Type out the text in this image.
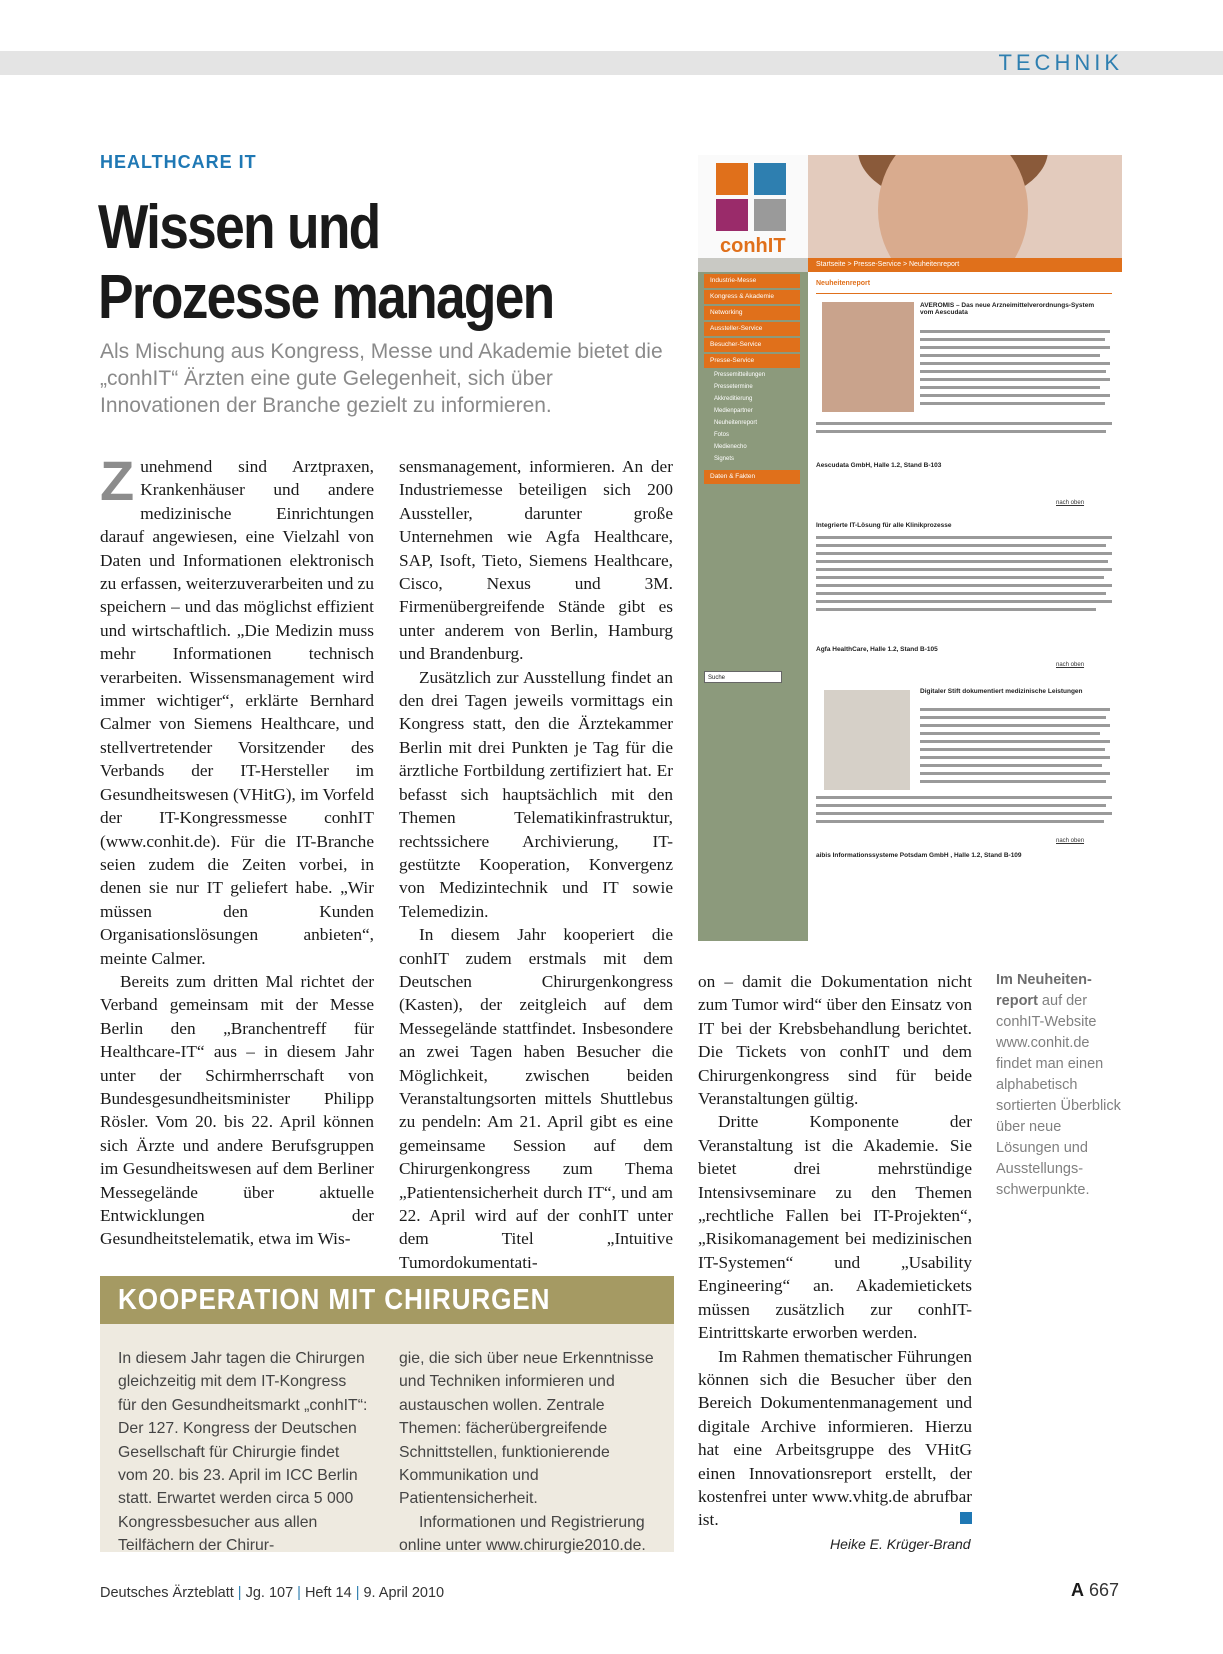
TECHNIK
HEALTHCARE IT
Wissen und Prozesse managen
Als Mischung aus Kongress, Messe und Akademie bietet die „conhIT“ Ärzten eine gute Gelegenheit, sich über Innovationen der Branche gezielt zu informieren.

Zunehmend sind Arztpraxen, Krankenhäuser und andere medizinische Einrichtungen darauf angewiesen, eine Vielzahl von Daten und Informationen elektronisch zu erfassen, weiterzuverarbeiten und zu speichern – und das möglichst effizient und wirtschaftlich. „Die Medizin muss mehr Informationen technisch verarbeiten. Wissensmanagement wird immer wichtiger“, erklärte Bernhard Calmer von Siemens Healthcare, und stellvertretender Vorsitzender des Verbands der IT-Hersteller im Gesundheitswesen (VHitG), im Vorfeld der IT-Kongressmesse conhIT (www.conhit.de). Für die IT-Branche seien zudem die Zeiten vorbei, in denen sie nur IT geliefert habe. „Wir müssen den Kunden Organisationslösungen anbieten“, meinte Calmer.

Bereits zum dritten Mal richtet der Verband gemeinsam mit der Messe Berlin den „Branchentreff für Healthcare-IT“ aus – in diesem Jahr unter der Schirmherrschaft von Bundesgesundheitsminister Philipp Rösler. Vom 20. bis 22. April können sich Ärzte und andere Berufsgruppen im Gesundheitswesen auf dem Berliner Messegelände über aktuelle Entwicklungen der Gesundheitstelematik, etwa im Wis-

sensmanagement, informieren. An der Industriemesse beteiligen sich 200 Aussteller, darunter große Unternehmen wie Agfa Healthcare, SAP, Isoft, Tieto, Siemens Healthcare, Cisco, Nexus und 3M. Firmenübergreifende Stände gibt es unter anderem von Berlin, Hamburg und Brandenburg.

Zusätzlich zur Ausstellung findet an den drei Tagen jeweils vormittags ein Kongress statt, den die Ärztekammer Berlin mit drei Punkten je Tag für die ärztliche Fortbildung zertifiziert hat. Er befasst sich hauptsächlich mit den Themen Telematikinfrastruktur, rechtssichere Archivierung, IT-gestützte Kooperation, Konvergenz von Medizintechnik und IT sowie Telemedizin.

In diesem Jahr kooperiert die conhIT zudem erstmals mit dem Deutschen Chirurgenkongress (Kasten), der zeitgleich auf dem Messegelände stattfindet. Insbesondere an zwei Tagen haben Besucher die Möglichkeit, zwischen beiden Veranstaltungsorten mittels Shuttlebus zu pendeln: Am 21. April gibt es eine gemeinsame Session auf dem Chirurgenkongress zum Thema „Patientensicherheit durch IT“, und am 22. April wird auf der conhIT unter dem Titel „Intuitive Tumordokumentati-

on – damit die Dokumentation nicht zum Tumor wird“ über den Einsatz von IT bei der Krebsbehandlung berichtet. Die Tickets von conhIT und dem Chirurgenkongress sind für beide Veranstaltungen gültig.

Dritte Komponente der Veranstaltung ist die Akademie. Sie bietet drei mehrstündige Intensivseminare zu den Themen „rechtliche Fallen bei IT-Projekten“, „Risikomanagement bei medizinischen IT-Systemen“ und „Usability Engineering“ an. Akademietickets müssen zusätzlich zur conhIT-Eintrittskarte erworben werden.

Im Rahmen thematischer Führungen können sich die Besucher über den Bereich Dokumentenmanagement und digitale Archive informieren. Hierzu hat eine Arbeitsgruppe des VHitG einen Innovationsreport erstellt, der kostenfrei unter www.vhitg.de abrufbar ist.

Heike E. Krüger-Brand
Im Neuheiten-report auf der conhIT-Website www.conhit.de findet man einen alphabetisch sortierten Überblick über neue Lösungen und Ausstellungs-schwerpunkte.
KOOPERATION MIT CHIRURGEN

In diesem Jahr tagen die Chirurgen gleichzeitig mit dem IT-Kongress für den Gesundheitsmarkt „conhIT“: Der 127. Kongress der Deutschen Gesellschaft für Chirurgie findet vom 20. bis 23. April im ICC Berlin statt. Erwartet werden circa 5 000 Kongressbesucher aus allen Teilfächern der Chirur-

gie, die sich über neue Erkenntnisse und Techniken informieren und austauschen wollen. Zentrale Themen: fächerübergreifende Schnittstellen, funktionierende Kommunikation und Patientensicherheit.

Informationen und Registrierung online unter www.chirurgie2010.de.

Deutsches Ärzteblatt | Jg. 107 | Heft 14 | 9. April 2010	A 667
conhIT
Startseite > Presse-Service > Neuheitenreport
Industrie-Messe
Kongress & Akademie
Networking
Aussteller-Service
Besucher-Service
Presse-Service
Pressemitteilungen
Pressetermine
Akkreditierung
Medienpartner
Neuheitenreport
Fotos
Medienecho
Signets
Daten & Fakten
Suche
Neuheitenreport
AVEROMIS – Das neue Arzneimittelverordnungs-System vom Aescudata
Aescudata GmbH, Halle 1.2, Stand B-103
nach oben
Integrierte IT-Lösung für alle Klinikprozesse
Agfa HealthCare, Halle 1.2, Stand B-105
nach oben
Digitaler Stift dokumentiert medizinische Leistungen
nach oben
aibis Informationssysteme Potsdam GmbH , Halle 1.2, Stand B-109
